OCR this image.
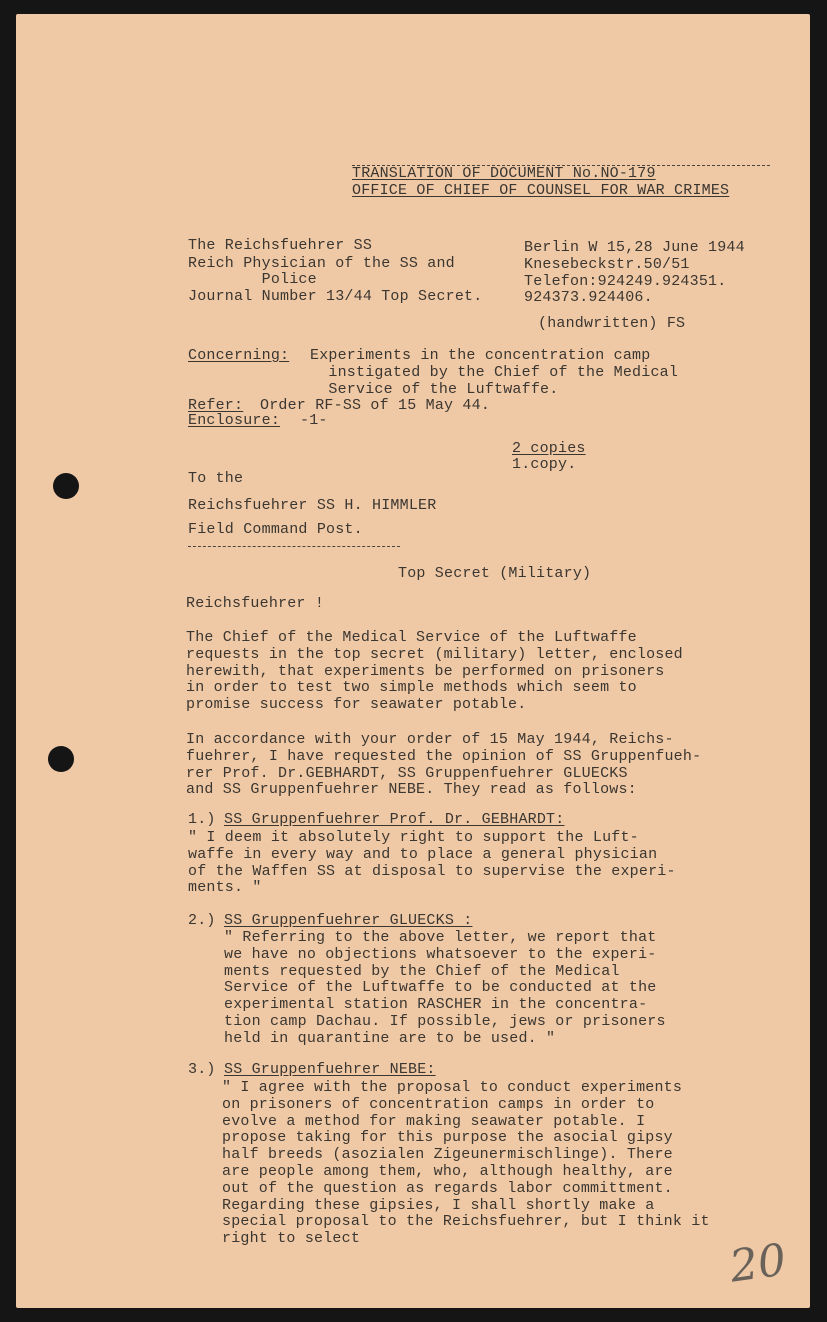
TRANSLATION OF DOCUMENT No.NO-179

OFFICE OF CHIEF OF COUNSEL FOR WAR CRIMES

The Reichsfuehrer SS

Reich Physician of the SS and

Police

Journal Number 13/44 Top Secret.

Berlin W 15,28 June 1944

Knesebeckstr.50/51

Telefon:924249.924351.

924373.924406.

(handwritten) FS

Concerning: Experiments in the concentration camp
instigated by the Chief of the Medical
Service of the Luftwaffe.

Refer: Order RF-SS of 15 May 44.

Enclosure: -1-

2 copies

1.copy.

To the

Reichsfuehrer SS H. HIMMLER

Field Command Post.

Top Secret (Military)

Reichsfuehrer !

The Chief of the Medical Service of the Luftwaffe
requests in the top secret (military) letter, enclosed
herewith, that experiments be performed on prisoners
in order to test two simple methods which seem to
promise success for seawater potable.

In accordance with your order of 15 May 1944, Reichs-
fuehrer, I have requested the opinion of SS Gruppenfueh-
rer Prof. Dr.GEBHARDT, SS Gruppenfuehrer GLUECKS
and SS Gruppenfuehrer NEBE. They read as follows:

1.) SS Gruppenfuehrer Prof. Dr. GEBHARDT:

" I deem it absolutely right to support the Luft-
waffe in every way and to place a general physician
of the Waffen SS at disposal to supervise the experi-
ments. "

2.) SS Gruppenfuehrer GLUECKS :

" Referring to the above letter, we report that
we have no objections whatsoever to the experi-
ments requested by the Chief of the Medical
Service of the Luftwaffe to be conducted at the
experimental station RASCHER in the concentra-
tion camp Dachau. If possible, jews or prisoners
held in quarantine are to be used. "

3.) SS Gruppenfuehrer NEBE:

" I agree with the proposal to conduct experiments
on prisoners of concentration camps in order to
evolve a method for making seawater potable. I
propose taking for this purpose the asocial gipsy
half breeds (asozialen Zigeunermischlinge). There
are people among them, who, although healthy, are
out of the question as regards labor committment.
Regarding these gipsies, I shall shortly make a
special proposal to the Reichsfuehrer, but I think it
right to select	20
